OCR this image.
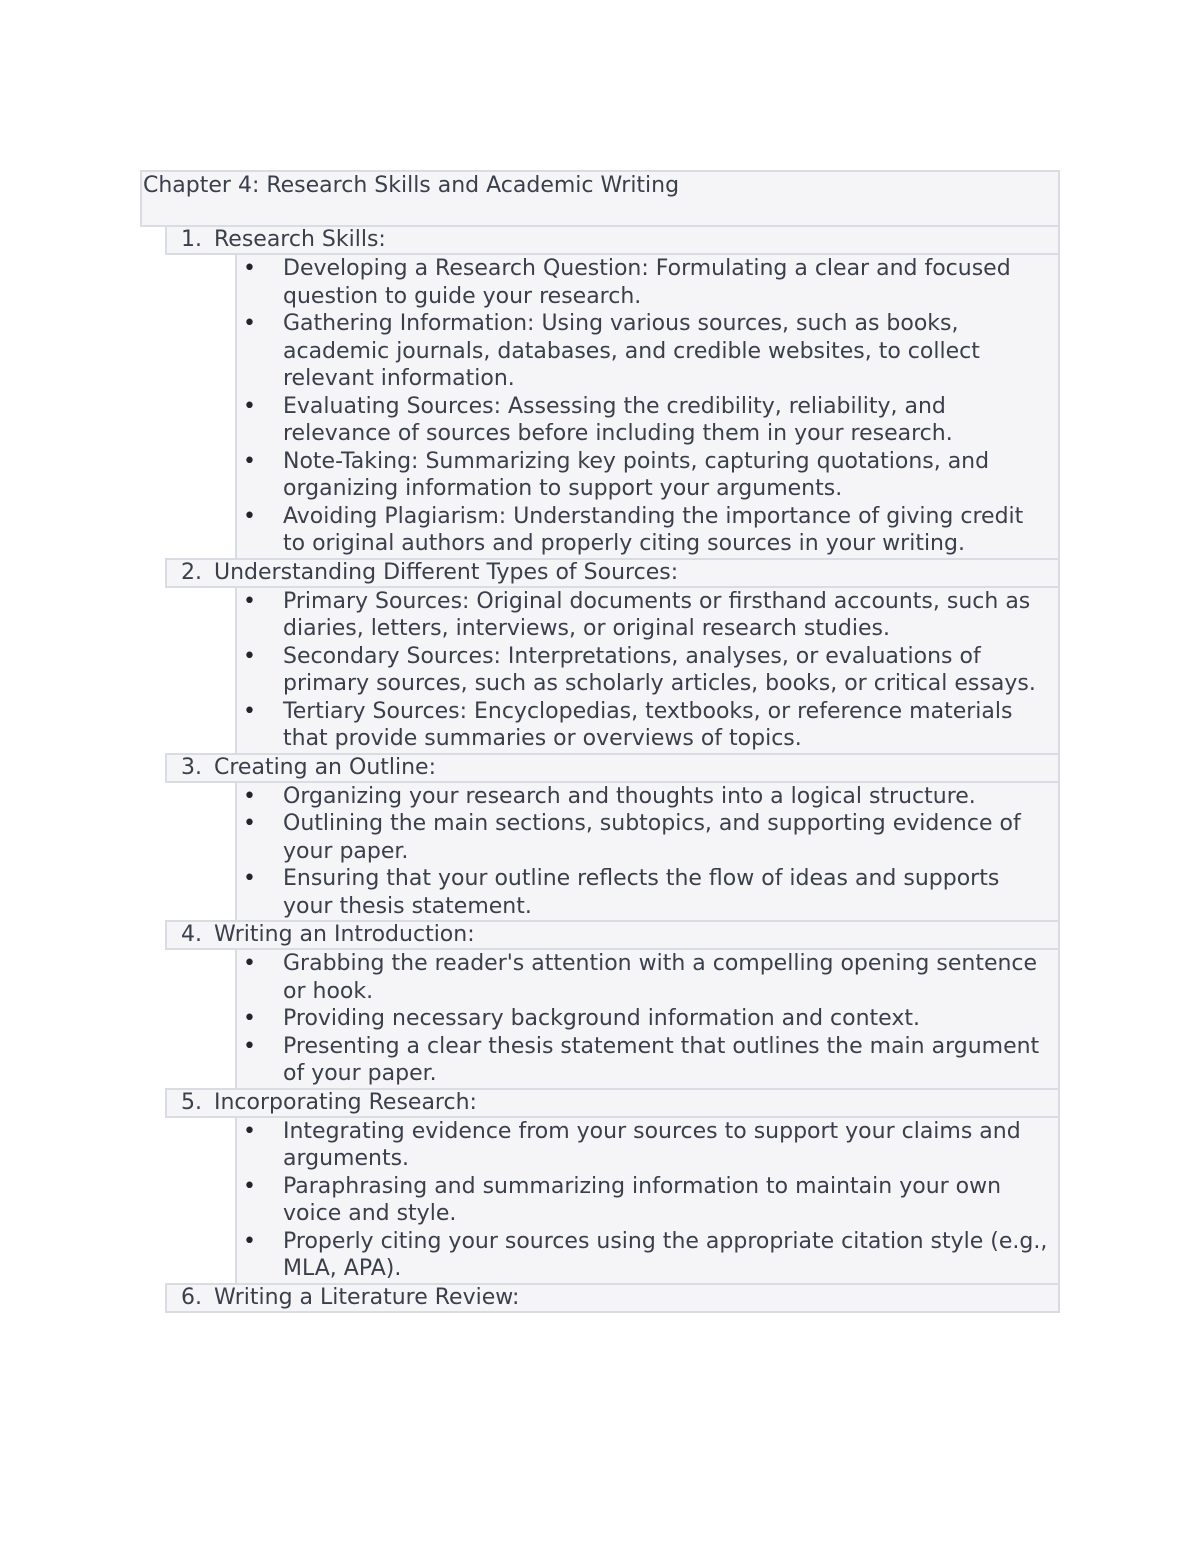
Chapter 4: Research Skills and Academic Writing
1. Research Skills:
• Developing a Research Question: Formulating a clear and focused question to guide your research.
• Gathering Information: Using various sources, such as books, academic journals, databases, and credible websites, to collect relevant information.
• Evaluating Sources: Assessing the credibility, reliability, and relevance of sources before including them in your research.
• Note-Taking: Summarizing key points, capturing quotations, and organizing information to support your arguments.
• Avoiding Plagiarism: Understanding the importance of giving credit to original authors and properly citing sources in your writing.
2. Understanding Different Types of Sources:
• Primary Sources: Original documents or firsthand accounts, such as diaries, letters, interviews, or original research studies.
• Secondary Sources: Interpretations, analyses, or evaluations of primary sources, such as scholarly articles, books, or critical essays.
• Tertiary Sources: Encyclopedias, textbooks, or reference materials that provide summaries or overviews of topics.
3. Creating an Outline:
• Organizing your research and thoughts into a logical structure.
• Outlining the main sections, subtopics, and supporting evidence of your paper.
• Ensuring that your outline reflects the flow of ideas and supports your thesis statement.
4. Writing an Introduction:
• Grabbing the reader's attention with a compelling opening sentence or hook.
• Providing necessary background information and context.
• Presenting a clear thesis statement that outlines the main argument of your paper.
5. Incorporating Research:
• Integrating evidence from your sources to support your claims and arguments.
• Paraphrasing and summarizing information to maintain your own voice and style.
• Properly citing your sources using the appropriate citation style (e.g., MLA, APA).
6. Writing a Literature Review:
